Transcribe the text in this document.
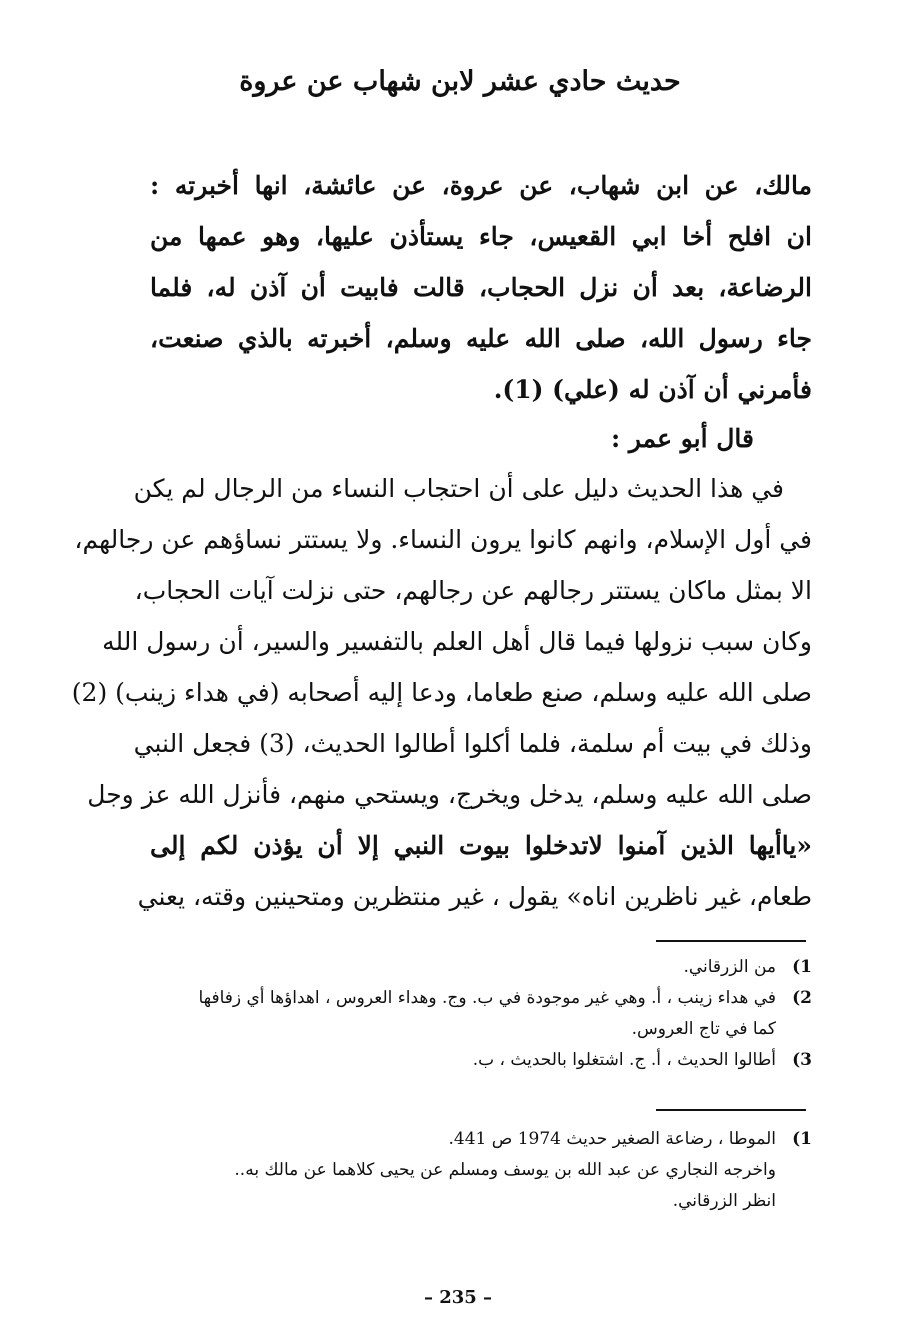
حديث حادي عشر لابن شهاب عن عروة
مالك، عن ابن شهاب، عن عروة، عن عائشة، انها أخبرته :
ان افلح أخا ابي القعيس، جاء يستأذن عليها، وهو عمها من
الرضاعة، بعد أن نزل الحجاب، قالت فابيت أن آذن له، فلما
جاء رسول الله، صلى الله عليه وسلم، أخبرته بالذي صنعت،
فأمرني أن آذن له (علي) (1).
قال أبو عمر :
في هذا الحديث دليل على أن احتجاب النساء من الرجال لم يكن
في أول الإسلام، وانهم كانوا يرون النساء. ولا يستتر نساؤهم عن رجالهم،
الا بمثل ماكان يستتر رجالهم عن رجالهم، حتى نزلت آيات الحجاب،
وكان سبب نزولها فيما قال أهل العلم بالتفسير والسير، أن رسول الله
صلى الله عليه وسلم، صنع طعاما، ودعا إليه أصحابه (في هداء زينب) (2)
وذلك في بيت أم سلمة، فلما أكلوا أطالوا الحديث، (3) فجعل النبي
صلى الله عليه وسلم، يدخل ويخرج، ويستحي منهم، فأنزل الله عز وجل
«ياأيها الذين آمنوا لاتدخلوا بيوت النبي إلا أن يؤذن لكم إلى
طعام، غير ناظرين اناه» يقول ، غير منتظرين ومتحينين وقته، يعني
1)
من الزرقاني.
2)
في هداء زينب ، أ. وهي غير موجودة في ب. وج. وهداء العروس ، اهداؤها أي زفافها
كما في تاج العروس.
3)
أطالوا الحديث ، أ. ج. اشتغلوا بالحديث ، ب.
1)
الموطا ، رضاعة الصغير حديث 1974 ص 441.
واخرجه النجاري عن عبد الله بن يوسف ومسلم عن يحيى كلاهما عن مالك به..
انظر الزرقاني.
– 235 –
